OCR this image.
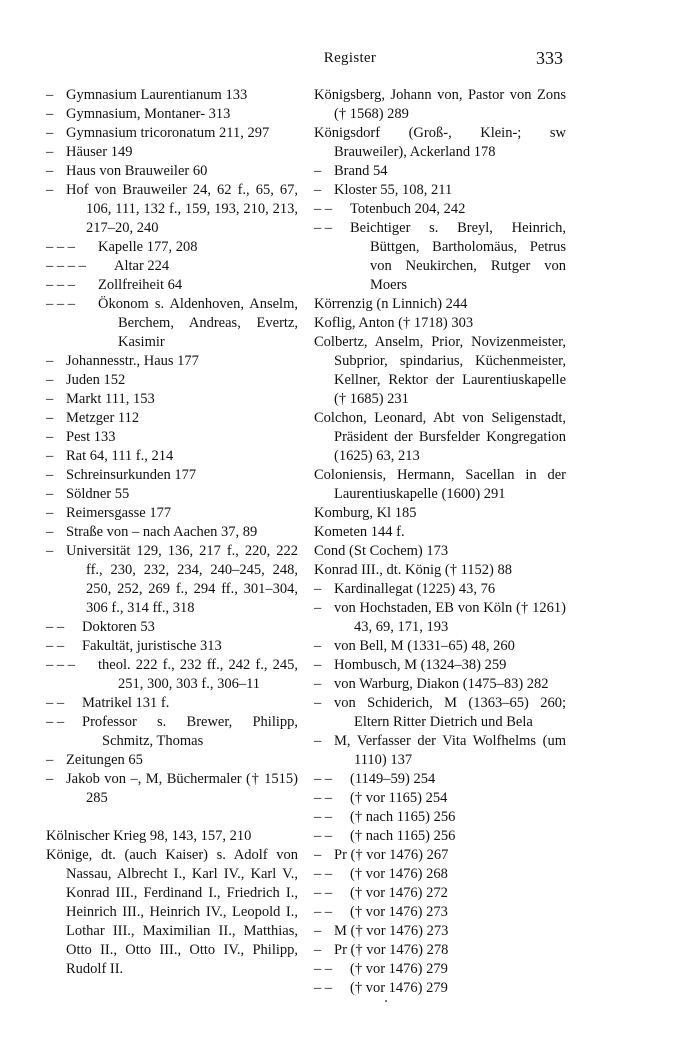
Register	333
– Gymnasium Laurentianum 133
– Gymnasium, Montaner- 313
– Gymnasium tricoronatum 211, 297
– Häuser 149
– Haus von Brauweiler 60
– Hof von Brauweiler 24, 62 f., 65, 67, 106, 111, 132 f., 159, 193, 210, 213, 217–20, 240
– – – Kapelle 177, 208
– – – – Altar 224
– – – Zollfreiheit 64
– – – Ökonom s. Aldenhoven, Anselm, Berchem, Andreas, Evertz, Kasimir
– Johannesstr., Haus 177
– Juden 152
– Markt 111, 153
– Metzger 112
– Pest 133
– Rat 64, 111 f., 214
– Schreinsurkunden 177
– Söldner 55
– Reimersgasse 177
– Straße von – nach Aachen 37, 89
– Universität 129, 136, 217 f., 220, 222 ff., 230, 232, 234, 240–245, 248, 250, 252, 269 f., 294 ff., 301–304, 306 f., 314 ff., 318
– – Doktoren 53
– – Fakultät, juristische 313
– – – theol. 222 f., 232 ff., 242 f., 245, 251, 300, 303 f., 306–11
– – Matrikel 131 f.
– – Professor s. Brewer, Philipp, Schmitz, Thomas
– Zeitungen 65
– Jakob von –, M, Büchermaler († 1515) 285
Kölnischer Krieg 98, 143, 157, 210
Könige, dt. (auch Kaiser) s. Adolf von Nassau, Albrecht I., Karl IV., Karl V., Konrad III., Ferdinand I., Friedrich I., Heinrich III., Heinrich IV., Leopold I., Lothar III., Maximilian II., Matthias, Otto II., Otto III., Otto IV., Philipp, Rudolf II.
Königsberg, Johann von, Pastor von Zons († 1568) 289
Königsdorf (Groß-, Klein-; sw Brauweiler), Ackerland 178
– Brand 54
– Kloster 55, 108, 211
– – Totenbuch 204, 242
– – Beichtiger s. Breyl, Heinrich, Büttgen, Bartholomäus, Petrus von Neukirchen, Rutger von Moers
Körrenzig (n Linnich) 244
Koflig, Anton († 1718) 303
Colbertz, Anselm, Prior, Novizenmeister, Subprior, spindarius, Küchenmeister, Kellner, Rektor der Laurentiuskapelle († 1685) 231
Colchon, Leonard, Abt von Seligenstadt, Präsident der Bursfelder Kongregation (1625) 63, 213
Coloniensis, Hermann, Sacellan in der Laurentiuskapelle (1600) 291
Komburg, Kl 185
Kometen 144 f.
Cond (St Cochem) 173
Konrad III., dt. König († 1152) 88
– Kardinallegat (1225) 43, 76
– von Hochstaden, EB von Köln († 1261) 43, 69, 171, 193
– von Bell, M (1331–65) 48, 260
– Hombusch, M (1324–38) 259
– von Warburg, Diakon (1475–83) 282
– von Schiderich, M (1363–65) 260; Eltern Ritter Dietrich und Bela
– M, Verfasser der Vita Wolfhelms (um 1110) 137
– – (1149–59) 254
– – († vor 1165) 254
– – († nach 1165) 256
– – († nach 1165) 256
– Pr († vor 1476) 267
– – († vor 1476) 268
– – († vor 1476) 272
– – († vor 1476) 273
– M († vor 1476) 273
– Pr († vor 1476) 278
– – († vor 1476) 279
– – († vor 1476) 279
